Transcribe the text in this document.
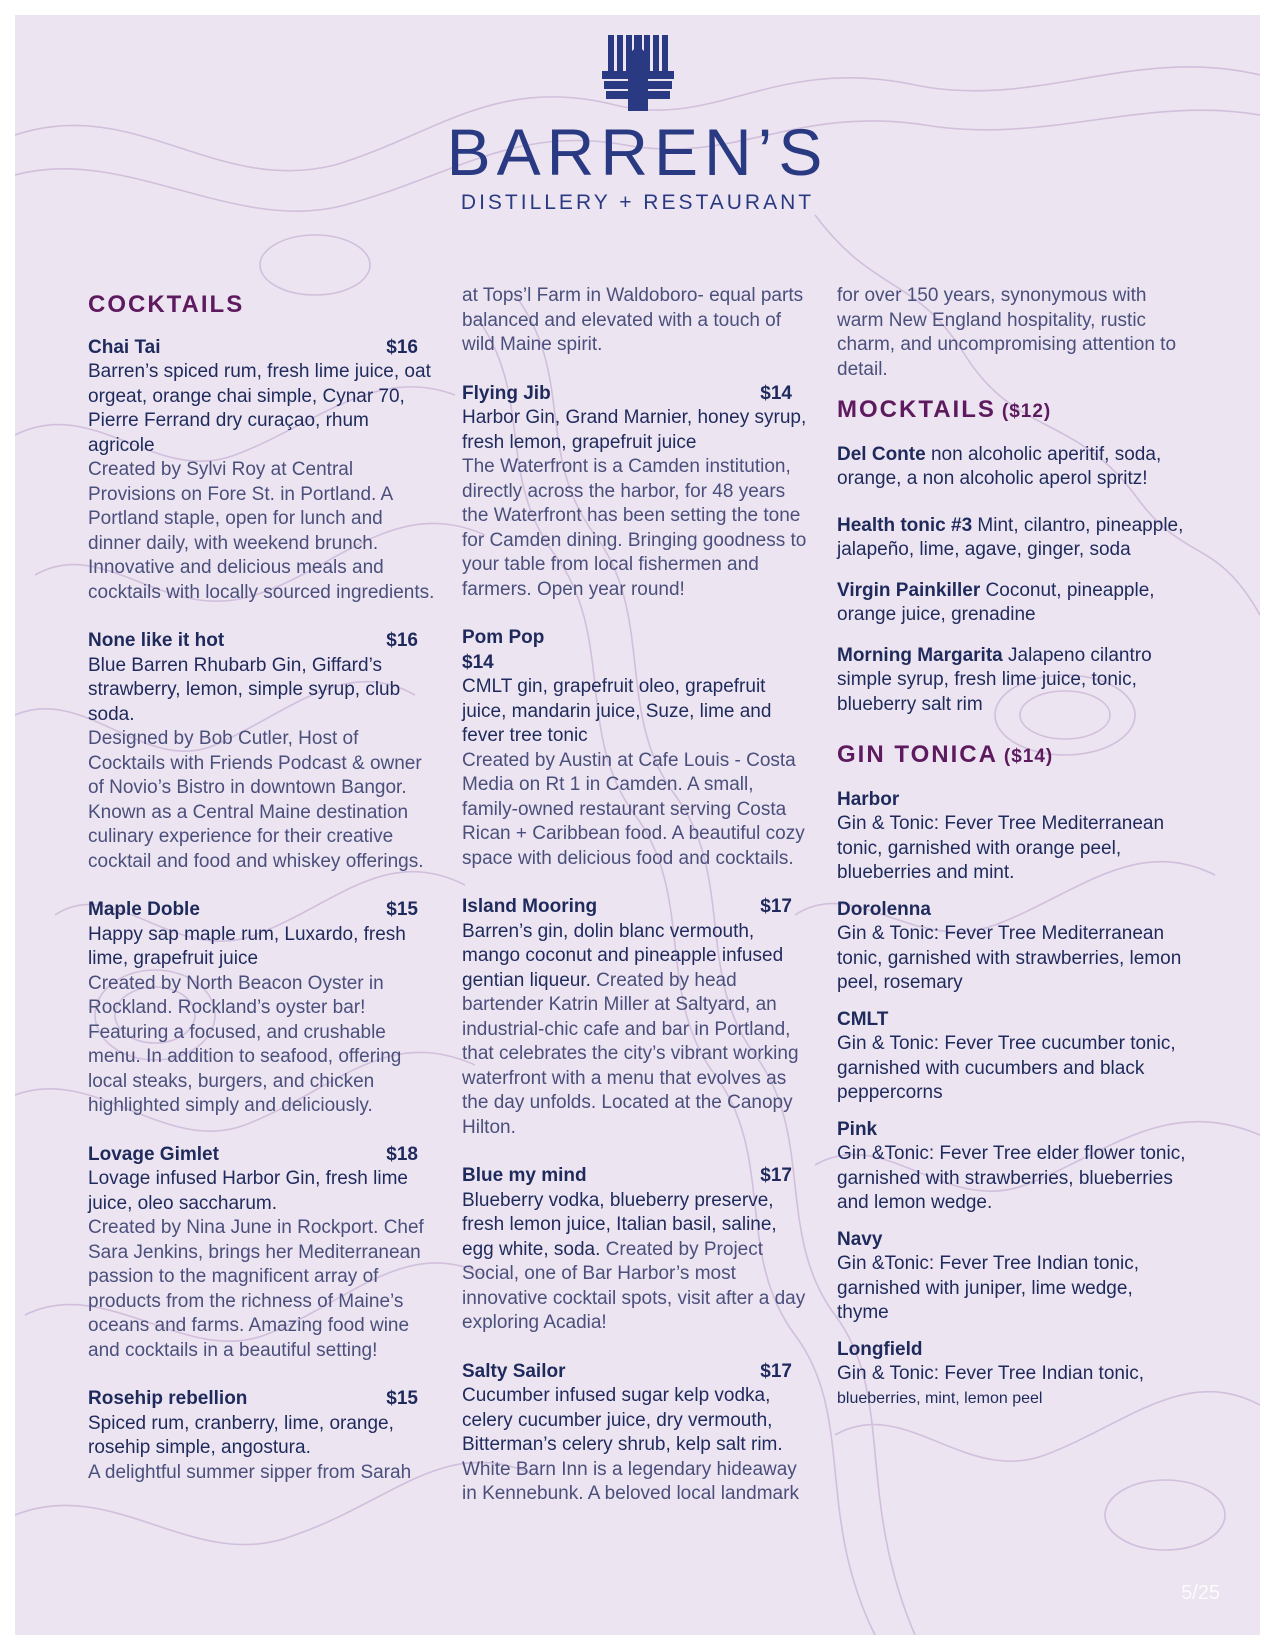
BARREN’S
DISTILLERY + RESTAURANT
COCKTAILS
Chai Tai	$16
Barren’s spiced rum, fresh lime juice, oat orgeat, orange chai simple, Cynar 70, Pierre Ferrand dry curaçao, rhum agricole
Created by Sylvi Roy at Central Provisions on Fore St. in Portland. A Portland staple, open for lunch and dinner daily, with weekend brunch. Innovative and delicious meals and cocktails with locally sourced ingredients.
None like it hot	$16
Blue Barren Rhubarb Gin, Giffard’s strawberry, lemon, simple syrup, club soda.
Designed by Bob Cutler, Host of Cocktails with Friends Podcast & owner of Novio’s Bistro in downtown Bangor. Known as a Central Maine destination culinary experience for their creative cocktail and food and whiskey offerings.
Maple Doble	$15
Happy sap maple rum, Luxardo, fresh lime, grapefruit juice
Created by North Beacon Oyster in Rockland. Rockland’s oyster bar! Featuring a focused, and crushable menu. In addition to seafood, offering local steaks, burgers, and chicken highlighted simply and deliciously.
Lovage Gimlet	$18
Lovage infused Harbor Gin, fresh lime juice, oleo saccharum.
Created by Nina June in Rockport. Chef Sara Jenkins, brings her Mediterranean passion to the magnificent array of products from the richness of Maine’s oceans and farms. Amazing food wine and cocktails in a beautiful setting!
Rosehip rebellion	$15
Spiced rum, cranberry, lime, orange, rosehip simple, angostura.
A delightful summer sipper from Sarah
at Tops’l Farm in Waldoboro- equal parts balanced and elevated with a touch of wild Maine spirit.
Flying Jib	$14
Harbor Gin, Grand Marnier, honey syrup, fresh lemon, grapefruit juice
The Waterfront is a Camden institution, directly across the harbor, for 48 years the Waterfront has been setting the tone for Camden dining. Bringing goodness to your table from local fishermen and farmers. Open year round!
Pom Pop
$14
CMLT gin, grapefruit oleo, grapefruit juice, mandarin juice, Suze, lime and fever tree tonic
Created by Austin at Cafe Louis - Costa Media on Rt 1 in Camden. A small, family-owned restaurant serving Costa Rican + Caribbean food. A beautiful cozy space with delicious food and cocktails.
Island Mooring	$17
Barren’s gin, dolin blanc vermouth, mango coconut and pineapple infused gentian liqueur. Created by head bartender Katrin Miller at Saltyard, an industrial-chic cafe and bar in Portland, that celebrates the city’s vibrant working waterfront with a menu that evolves as the day unfolds. Located at the Canopy Hilton.
Blue my mind	$17
Blueberry vodka, blueberry preserve, fresh lemon juice, Italian basil, saline, egg white, soda. Created by Project Social, one of Bar Harbor’s most innovative cocktail spots, visit after a day exploring Acadia!
Salty Sailor	$17
Cucumber infused sugar kelp vodka, celery cucumber juice, dry vermouth, Bitterman’s celery shrub, kelp salt rim.
White Barn Inn is a legendary hideaway in Kennebunk. A beloved local landmark
for over 150 years, synonymous with warm New England hospitality, rustic charm, and uncompromising attention to detail.
MOCKTAILS ($12)
Del Conte non alcoholic aperitif, soda, orange, a non alcoholic aperol spritz!
Health tonic #3 Mint, cilantro, pineapple, jalapeño, lime, agave, ginger, soda
Virgin Painkiller Coconut, pineapple, orange juice, grenadine
Morning Margarita Jalapeno cilantro simple syrup, fresh lime juice, tonic, blueberry salt rim
GIN TONICA ($14)
Harbor
Gin & Tonic: Fever Tree Mediterranean tonic, garnished with orange peel, blueberries and mint.
Dorolenna
Gin & Tonic: Fever Tree Mediterranean tonic, garnished with strawberries, lemon peel, rosemary
CMLT
Gin & Tonic: Fever Tree cucumber tonic, garnished with cucumbers and black peppercorns
Pink
Gin &Tonic: Fever Tree elder flower tonic, garnished with strawberries, blueberries and lemon wedge.
Navy
Gin &Tonic: Fever Tree Indian tonic, garnished with juniper, lime wedge, thyme
Longfield
Gin & Tonic: Fever Tree Indian tonic,
blueberries, mint, lemon peel
5/25
